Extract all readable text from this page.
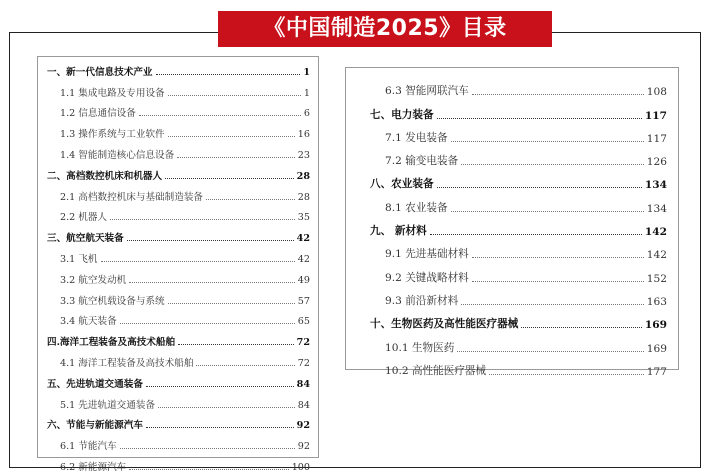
《中国制造2025》目录
一、新一代信息技术产业	1
1.1 集成电路及专用设备	1
1.2 信息通信设备	6
1.3 操作系统与工业软件	16
1.4 智能制造核心信息设备	23
二、高档数控机床和机器人	28
2.1 高档数控机床与基础制造装备	28
2.2 机器人	35
三、航空航天装备	42
3.1 飞机	42
3.2 航空发动机	49
3.3 航空机载设备与系统	57
3.4 航天装备	65
四.海洋工程装备及高技术船舶	72
4.1 海洋工程装备及高技术船舶	72
五、先进轨道交通装备	84
5.1 先进轨道交通装备	84
六、节能与新能源汽车	92
6.1 节能汽车	92
6.2 新能源汽车	100
6.3 智能网联汽车	108
七、电力装备	117
7.1 发电装备	117
7.2 输变电装备	126
八、农业装备	134
8.1 农业装备	134
九、 新材料	142
9.1 先进基础材料	142
9.2 关键战略材料	152
9.3 前沿新材料	163
十、生物医药及高性能医疗器械	169
10.1 生物医药	169
10.2 高性能医疗器械	177
